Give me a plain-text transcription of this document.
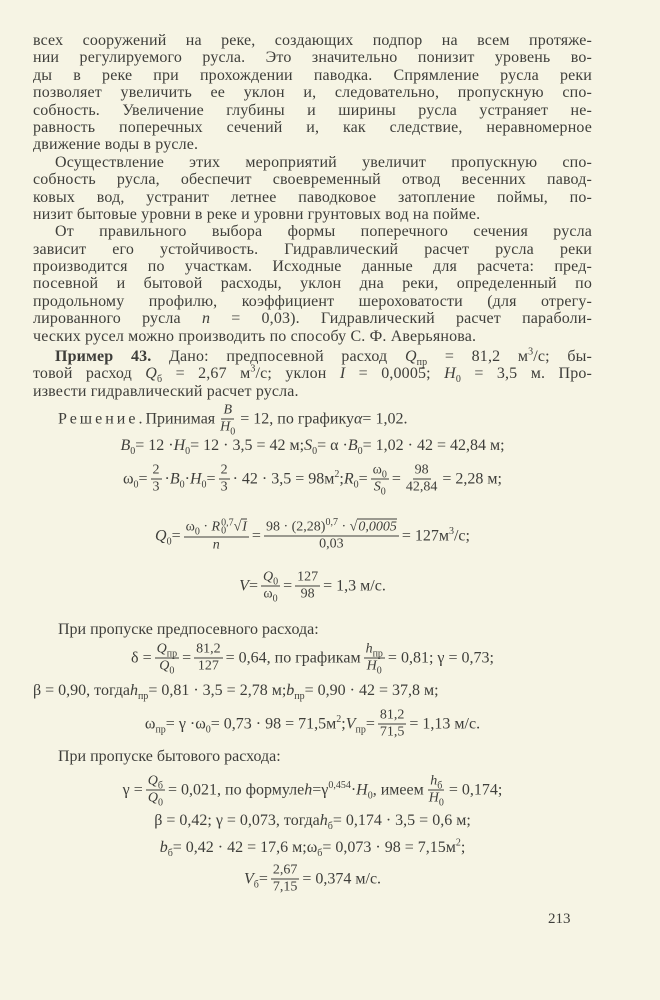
всех сооружений на реке, создающих подпор на всем протяже-
нии регулируемого русла. Это значительно понизит уровень во-
ды в реке при прохождении паводка. Спрямление русла реки
позволяет увеличить ее уклон и, следовательно, пропускную спо-
собность. Увеличение глубины и ширины русла устраняет не-
равность поперечных сечений и, как следствие, неравномерное
движение воды в русле.
Осуществление этих мероприятий увеличит пропускную спо-
собность русла, обеспечит своевременный отвод весенних павод-
ковых вод, устранит летнее паводковое затопление поймы, по-
низит бытовые уровни в реке и уровни грунтовых вод на пойме.
От правильного выбора формы поперечного сечения русла
зависит его устойчивость. Гидравлический расчет русла реки
производится по участкам. Исходные данные для расчета: пред-
посевной и бытовой расходы, уклон дна реки, определенный по
продольному профилю, коэффициент шероховатости (для отрегу-
лированного русла n = 0,03). Гидравлический расчет параболи-
ческих русел можно производить по способу С. Ф. Аверьянова.
Пример 43. Дано: предпосевной расход $Q_{пр} = 81,2$ $м^3/с$; бы-
товой расход $Q_б = 2,67$ $м^3/с$; уклон I = 0,0005; $H_0 = 3,5$ м. Про-
извести гидравлический расчет русла.
Решение. Принимая $\frac{B}{H_0} = 12$, по графику α = 1,02.
$B_0 = 12 \cdot H_0 = 12 \cdot 3,5 = 42$ м; $S_0 = \alpha \cdot B_0 = 1,02 \cdot 42 = 42,84$ м;
$\omega_0 = \frac{2}{3} \cdot B_0 \cdot H_0 = \frac{2}{3} \cdot 42 \cdot 3,5 = 98$ $м^2$ ; $R_0 = \frac{\omega_0}{S_0} = \frac{98}{42,84} = 2,28$ м;
$Q_0 = \omega_0 \cdot R$ 0,7
0 √I
$n = \frac{98 \cdot (2,28)^{0,7} \cdot √0,0005}{0,03} = 127$ $м^3$ /с;
$V = \frac{Q_0}{\omega_0} = \frac{127}{98} = 1,3$ м/с.
При пропуске предпосевного расхода:
$\delta = \frac{Q_{пр}}{Q_0} = \frac{81,2}{127} = 0,64$, по графикам $\frac{h_{пр}}{H_0} = 0,81$; γ = 0,73;
β = 0,90, тогда $h_{пр} = 0,81 \cdot 3,5 = 2,78$ м; $b_{пр} = 0,90 \cdot 42 = 37,8$ м;
$\omega_{пр} = \gamma \cdot \omega_0 = 0,73 \cdot 98 = 71,5$ $м^2$ ; $V_{пр} = \frac{81,2}{71,5} = 1,13$ м/с.
При пропуске бытового расхода:
$\gamma = \frac{Q_б}{Q_0} = 0,021$, по формуле $h = \gamma^{0,454} \cdot H_0$ , имеем $\frac{h_б}{H_0} = 0,174$;
β = 0,42; γ = 0,073, тогда $h_б = 0,174 \cdot 3,5 = 0,6$ м;
$b_б = 0,42 \cdot 42 = 17,6$ м; $\omega_б = 0,073 \cdot 98 = 7,15$ $м^2$ ;
$V_б = \frac{2,67}{7,15} = 0,374$ м/с.
213
